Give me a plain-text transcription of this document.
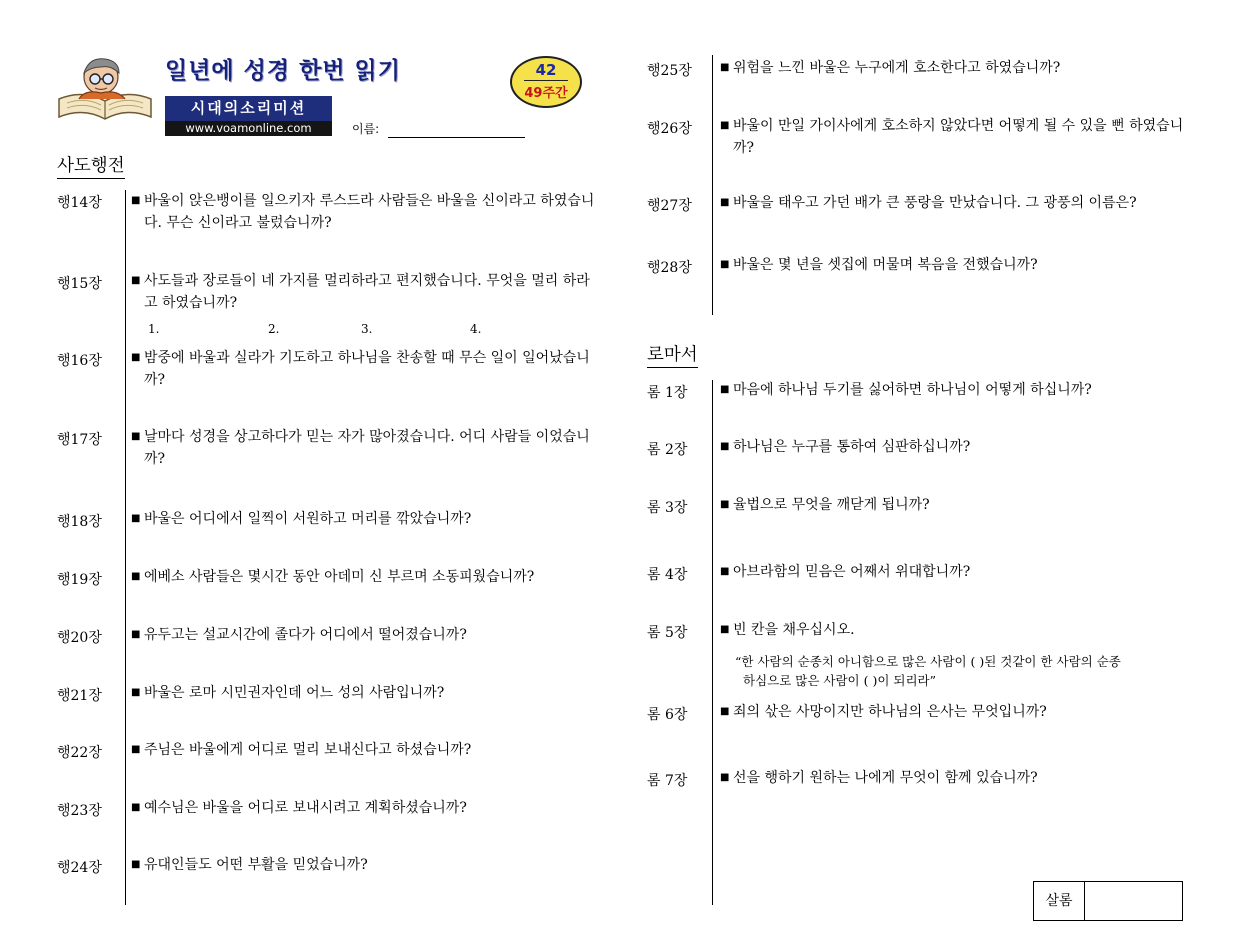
일년에 성경 한번 읽기	42
49주간
시대의소리미션
www.voamonline.com	이름:
사도행전
행14장	■ 바울이 앉은뱅이를 일으키자 루스드라 사람들은 바울을 신이라고 하였습니다. 무슨 신이라고 불렀습니까?
행15장	■ 사도들과 장로들이 네 가지를 멀리하라고 편지했습니다. 무엇을 멀리 하라고 하였습니까?
1.	2.	3.	4.
행16장	■ 밤중에 바울과 실라가 기도하고 하나님을 찬송할 때 무슨 일이 일어났습니까?
행17장	■ 날마다 성경을 상고하다가 믿는 자가 많아졌습니다. 어디 사람들 이었습니까?
행18장	■ 바울은 어디에서 일찍이 서원하고 머리를 깎았습니까?
행19장	■ 에베소 사람들은 몇시간 동안 아데미 신 부르며 소동피웠습니까?
행20장	■ 유두고는 설교시간에 졸다가 어디에서 떨어졌습니까?
행21장	■ 바울은 로마 시민권자인데 어느 성의 사람입니까?
행22장	■ 주님은 바울에게 어디로 멀리 보내신다고 하셨습니까?
행23장	■ 예수님은 바울을 어디로 보내시려고 계획하셨습니까?
행24장	■ 유대인들도 어떤 부활을 믿었습니까?
행25장	■ 위험을 느낀 바울은 누구에게 호소한다고 하였습니까?
행26장	■ 바울이 만일 가이사에게 호소하지 않았다면 어떻게 될 수 있을 뻔 하였습니까?
행27장	■ 바울을 태우고 가던 배가 큰 풍랑을 만났습니다. 그 광풍의 이름은?
행28장	■ 바울은 몇 년을 셋집에 머물며 복음을 전했습니까?
로마서
롬 1장	■ 마음에 하나님 두기를 싫어하면 하나님이 어떻게 하십니까?
롬 2장	■ 하나님은 누구를 통하여 심판하십니까?
롬 3장	■ 율법으로 무엇을 깨닫게 됩니까?
롬 4장	■ 아브라함의 믿음은 어째서 위대합니까?
롬 5장	■ 빈 칸을 채우십시오.
“한 사람의 순종치 아니함으로 많은 사람이 ( )된 것같이 한 사람의 순종
하심으로 많은 사람이 ( )이 되리라”
롬 6장	■ 죄의 삯은 사망이지만 하나님의 은사는 무엇입니까?
롬 7장	■ 선을 행하기 원하는 나에게 무엇이 함께 있습니까?
살롬
